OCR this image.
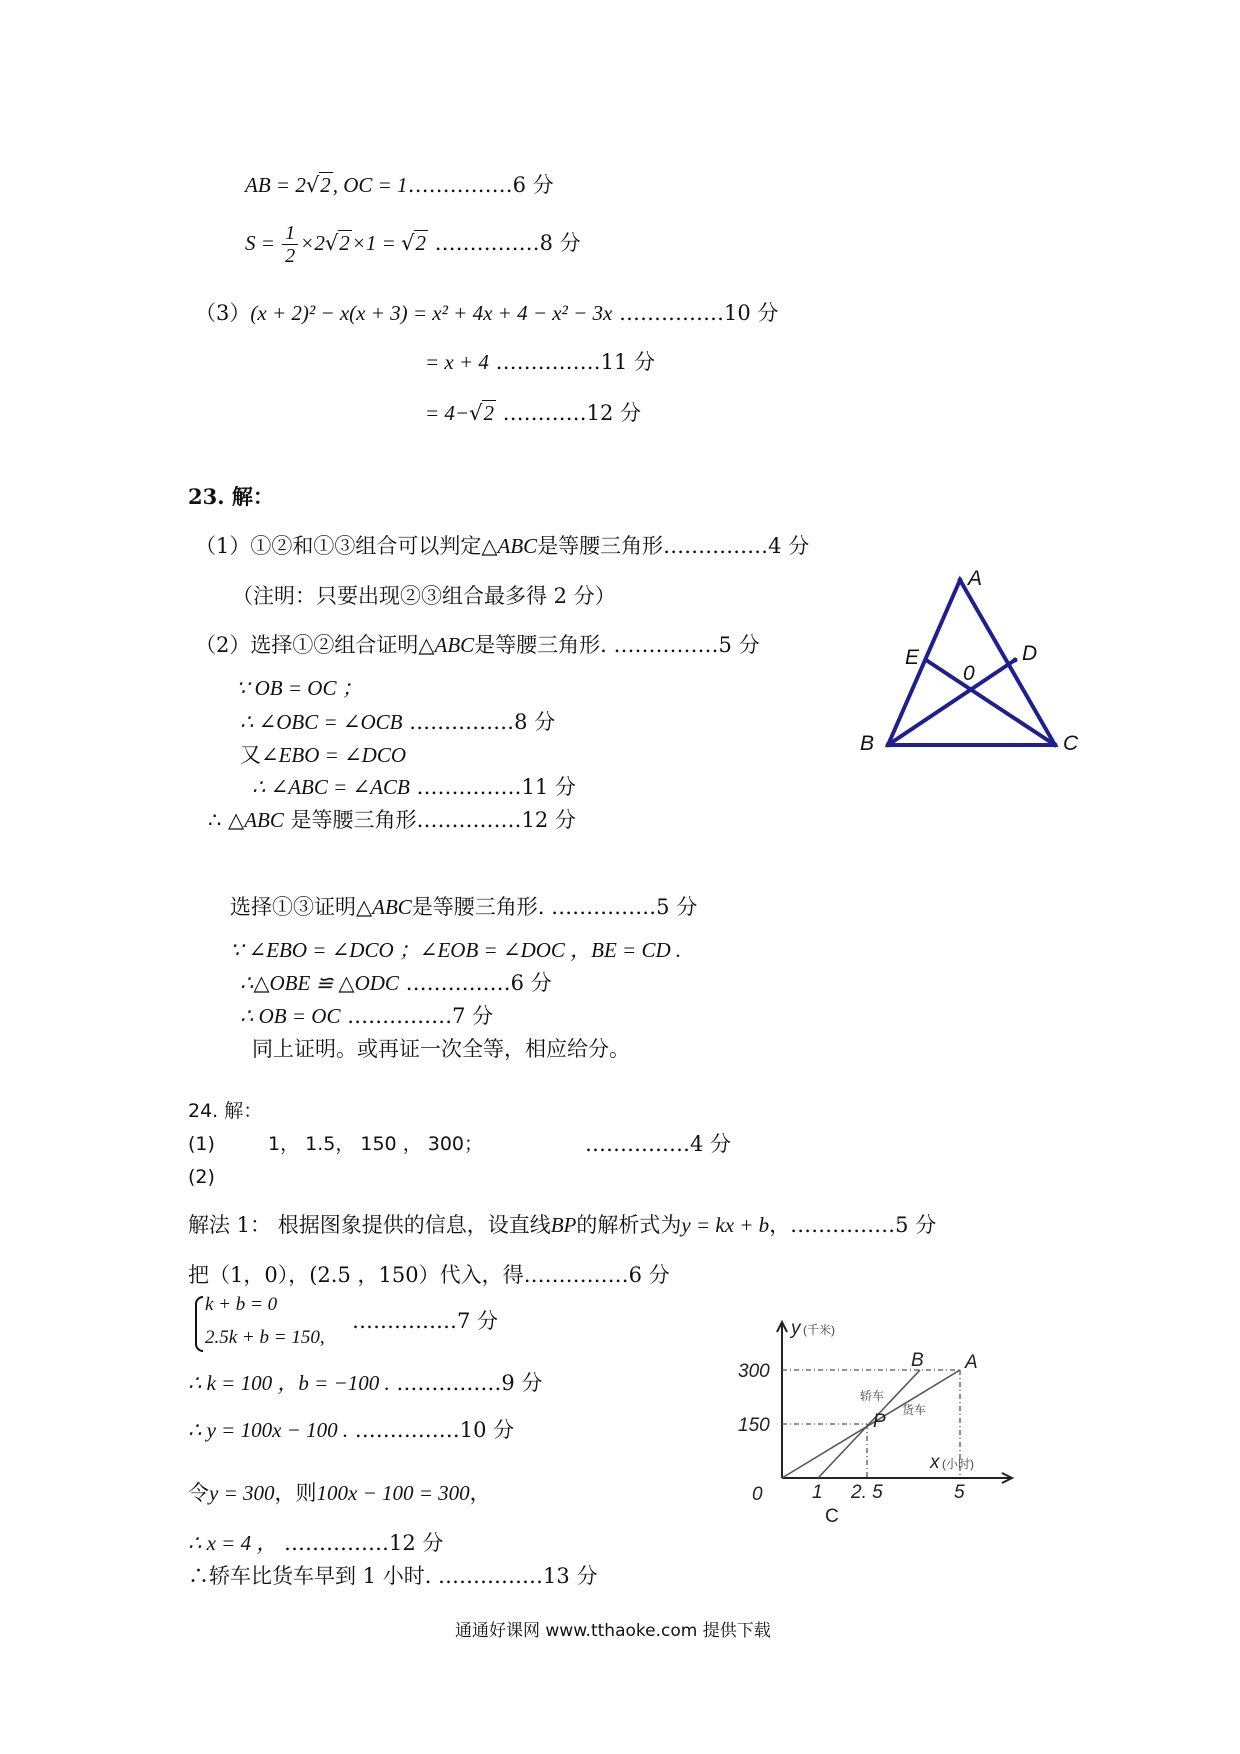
AB = 2√2, OC = 1……………6 分
$S = \frac{1}{2} \times 2√2\times 1 = √2$ ……………8 分
（3）(x + 2)² − x(x + 3) = x² + 4x + 4 − x² − 3x ……………10 分
= x + 4 ……………11 分
= 4−√2 …………12 分
23. 解：
（1）①②和①③组合可以判定△ABC是等腰三角形……………4 分
（注明：只要出现②③组合最多得 2 分）
（2）选择①②组合证明△ABC是等腰三角形. ……………5 分
∵ OB = OC ；
∴ ∠OBC = ∠OCB ……………8 分
又∠EBO = ∠DCO
∴ ∠ABC = ∠ACB ……………11 分
∴ △ABC 是等腰三角形……………12 分
选择①③证明△ABC是等腰三角形. ……………5 分
∵ ∠EBO = ∠DCO ；∠EOB = ∠DOC ，BE = CD .
∴△OBE ≌ △ODC ……………6 分
∴ OB = OC ……………7 分
同上证明。或再证一次全等，相应给分。
A
B	C
D
E
0
24. 解：
(1)	1， 1.5， 150 ， 300；	……………4 分
(2)
解法 1： 根据图象提供的信息，设直线BP的解析式为y = kx + b，……………5 分
把（1，0），(2.5 ，150）代入，得……………6 分
k + b = 0
2.5k + b = 150,
……………7 分
∴ k = 100 ，b = −100 . ……………9 分
∴ y = 100x − 100 . ……………10 分
令y = 300，则100x − 100 = 300，
∴ x = 4 ， ……………12 分
∴轿车比货车早到 1 小时. ……………13 分
y
x
300
150
0	1 2. 5	5
B A
P
(千米)
(小时)
轿车
货车
C
通通好课网 www.tthaoke.com 提供下载
